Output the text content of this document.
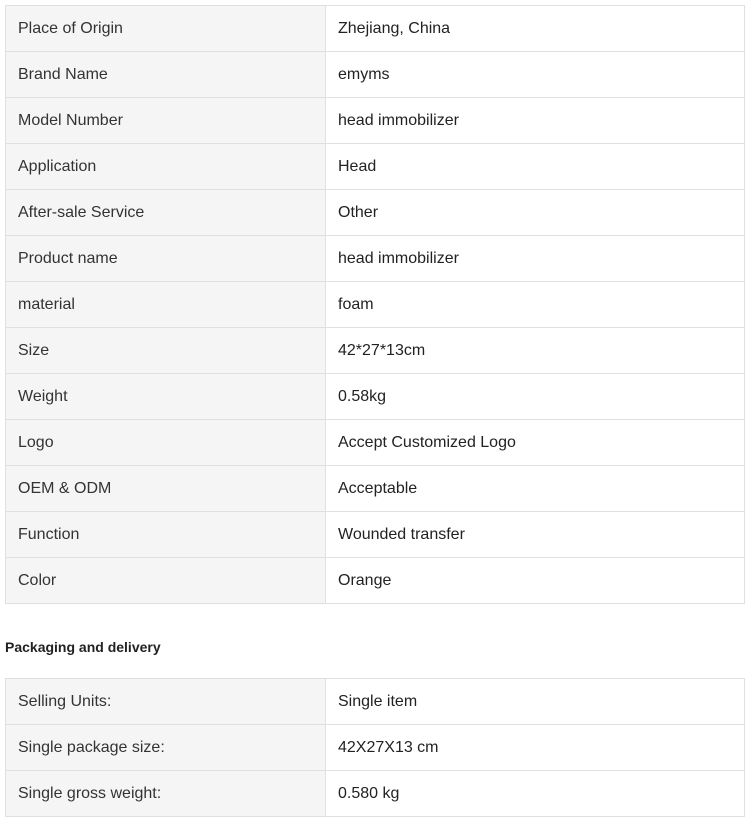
Place of Origin	Zhejiang, China
Brand Name	emyms
Model Number	head immobilizer
Application	Head
After-sale Service	Other
Product name	head immobilizer
material	foam
Size	42*27*13cm
Weight	0.58kg
Logo	Accept Customized Logo
OEM & ODM	Acceptable
Function	Wounded transfer
Color	Orange
Packaging and delivery
Selling Units:	Single item
Single package size:	42X27X13 cm
Single gross weight:	0.580 kg
